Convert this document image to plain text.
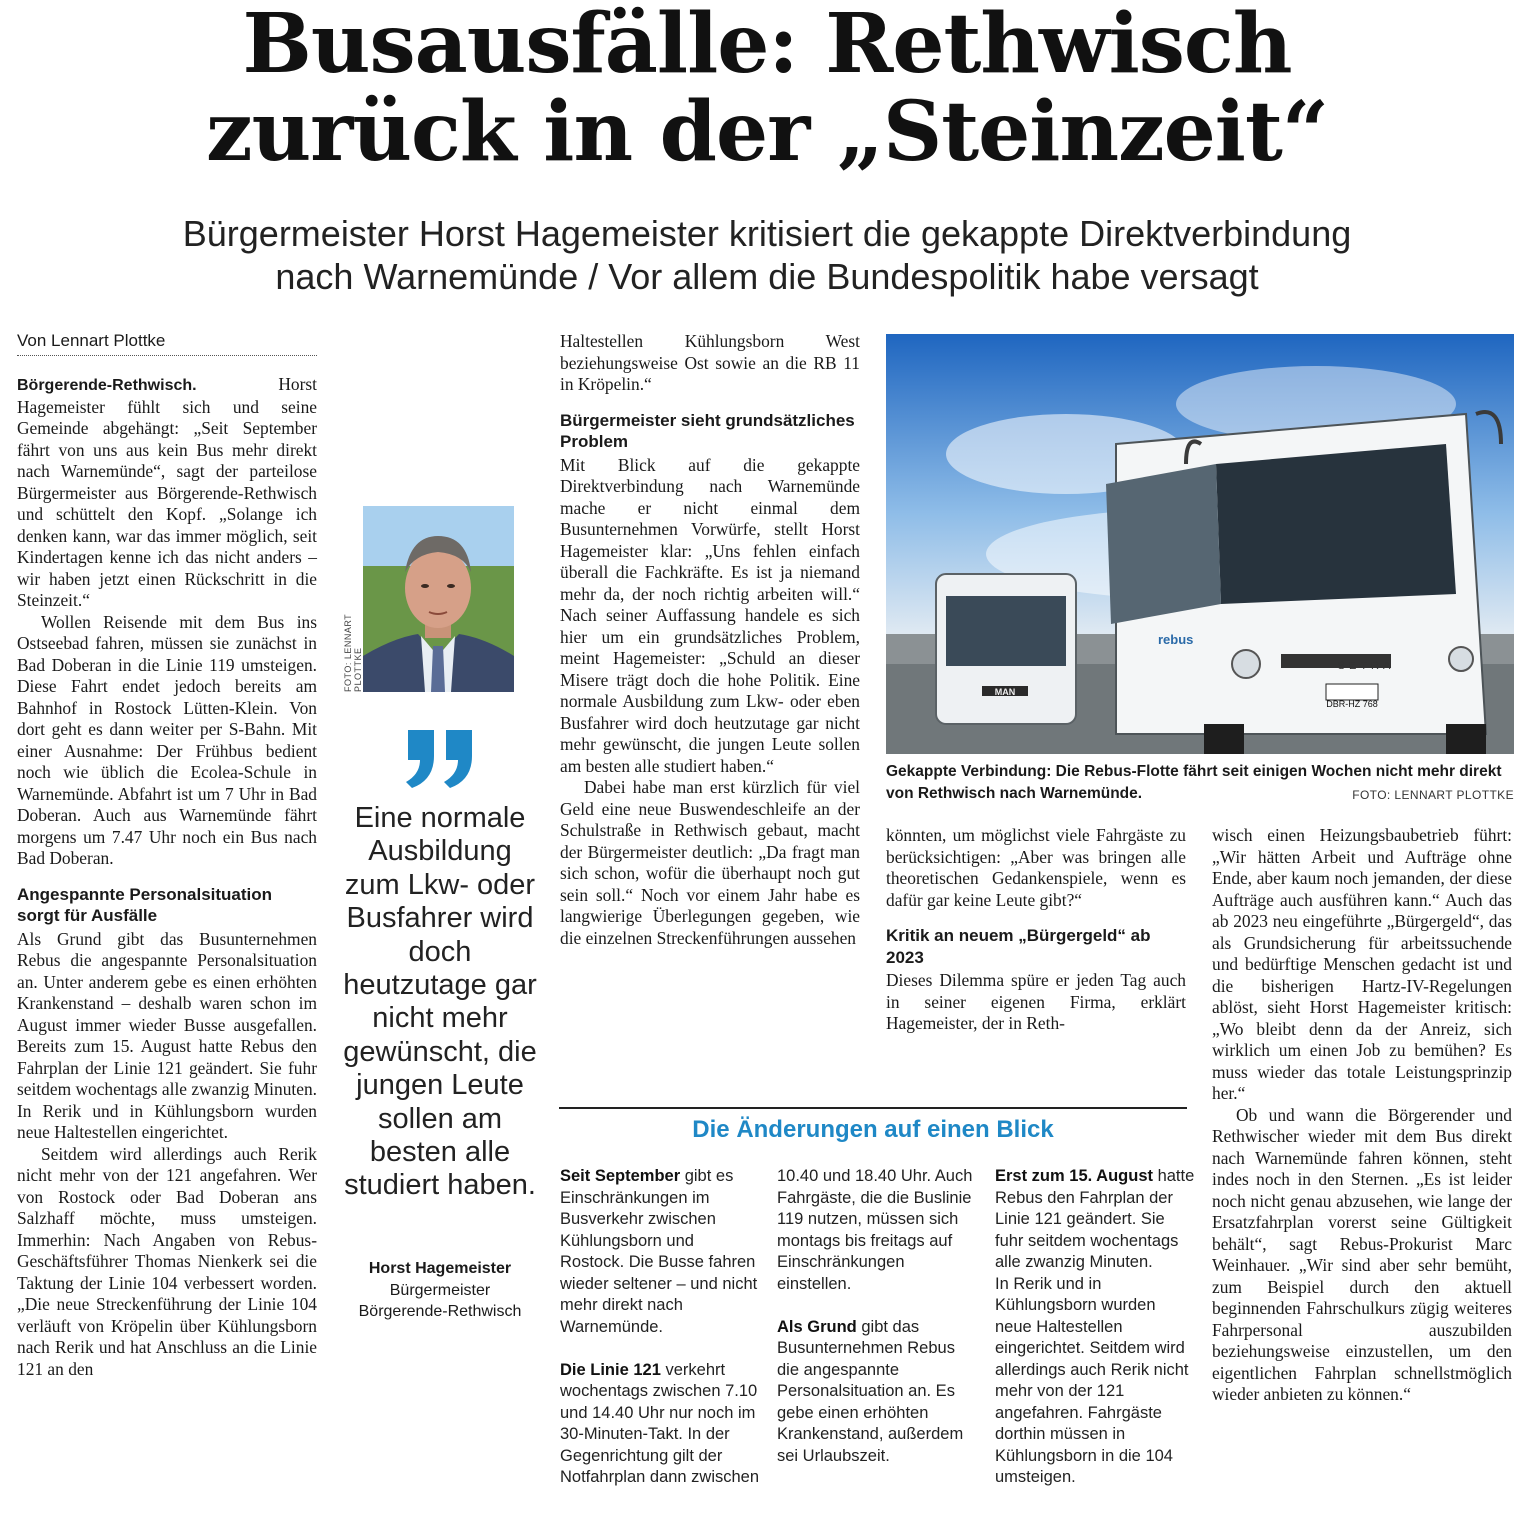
Busausfälle: Rethwisch
zurück in der „Steinzeit“
Bürgermeister Horst Hagemeister kritisiert die gekappte Direktverbindung
nach Warnemünde / Vor allem die Bundespolitik habe versagt
Von Lennart Plottke

Börgerende-Rethwisch. Horst Hagemeister fühlt sich und seine Gemeinde abgehängt: „Seit September fährt von uns aus kein Bus mehr direkt nach Warnemünde“, sagt der parteilose Bürgermeister aus Börgerende-Rethwisch und schüttelt den Kopf. „Solange ich denken kann, war das immer möglich, seit Kindertagen kenne ich das nicht anders – wir haben jetzt einen Rückschritt in die Steinzeit.“

Wollen Reisende mit dem Bus ins Ostseebad fahren, müssen sie zunächst in Bad Doberan in die Linie 119 umsteigen. Diese Fahrt endet jedoch bereits am Bahnhof in Rostock Lütten-Klein. Von dort geht es dann weiter per S-Bahn. Mit einer Ausnahme: Der Frühbus bedient noch wie üblich die Ecolea-Schule in Warnemünde. Abfahrt ist um 7 Uhr in Bad Doberan. Auch aus Warnemünde fährt morgens um 7.47 Uhr noch ein Bus nach Bad Doberan.

Angespannte Personalsituation sorgt für Ausfälle

Als Grund gibt das Busunternehmen Rebus die angespannte Personalsituation an. Unter anderem gebe es einen erhöhten Krankenstand – deshalb waren schon im August immer wieder Busse ausgefallen. Bereits zum 15. August hatte Rebus den Fahrplan der Linie 121 geändert. Sie fuhr seitdem wochentags alle zwanzig Minuten. In Rerik und in Kühlungsborn wurden neue Haltestellen eingerichtet.

Seitdem wird allerdings auch Rerik nicht mehr von der 121 angefahren. Wer von Rostock oder Bad Doberan ans Salzhaff möchte, muss umsteigen. Immerhin: Nach Angaben von Rebus-Geschäftsführer Thomas Nienkerk sei die Taktung der Linie 104 verbessert worden. „Die neue Streckenführung der Linie 104 verläuft von Kröpelin über Kühlungsborn nach Rerik und hat Anschluss an die Linie 121 an den

FOTO: LENNART PLOTTKE
Eine normale Ausbildung zum Lkw- oder Busfahrer wird doch heutzutage gar nicht mehr gewünscht, die jungen Leute sollen am besten alle studiert haben.
Horst Hagemeister
Bürgermeister
Börgerende-Rethwisch

Haltestellen Kühlungsborn West beziehungsweise Ost sowie an die RB 11 in Kröpelin.“

Bürgermeister sieht grundsätzliches Problem

Mit Blick auf die gekappte Direktverbindung nach Warnemünde mache er nicht einmal dem Busunternehmen Vorwürfe, stellt Horst Hagemeister klar: „Uns fehlen einfach überall die Fachkräfte. Es ist ja niemand mehr da, der noch richtig arbeiten will.“ Nach seiner Auffassung handele es sich hier um ein grundsätzliches Problem, meint Hagemeister: „Schuld an dieser Misere trägt doch die hohe Politik. Eine normale Ausbildung zum Lkw- oder eben Busfahrer wird doch heutzutage gar nicht mehr gewünscht, die jungen Leute sollen am besten alle studiert haben.“

Dabei habe man erst kürzlich für viel Geld eine neue Buswendeschleife an der Schulstraße in Rethwisch gebaut, macht der Bürgermeister deutlich: „Da fragt man sich schon, wofür die überhaupt noch gut sein soll.“ Noch vor einem Jahr habe es langwierige Überlegungen gegeben, wie die einzelnen Streckenführungen aussehen

rebus
SETRA
DBR-HZ 768
MAN
Gekappte Verbindung: Die Rebus-Flotte fährt seit einigen Wochen nicht mehr direkt von Rethwisch nach Warnemünde.	FOTO: LENNART PLOTTKE

könnten, um möglichst viele Fahrgäste zu berücksichtigen: „Aber was bringen alle theoretischen Gedankenspiele, wenn es dafür gar keine Leute gibt?“

Kritik an neuem „Bürgergeld“ ab 2023

Dieses Dilemma spüre er jeden Tag auch in seiner eigenen Firma, erklärt Hagemeister, der in Reth-

wisch einen Heizungsbaubetrieb führt: „Wir hätten Arbeit und Aufträge ohne Ende, aber kaum noch jemanden, der diese Aufträge auch ausführen kann.“ Auch das ab 2023 neu eingeführte „Bürgergeld“, das als Grundsicherung für arbeitssuchende und bedürftige Menschen gedacht ist und die bisherigen Hartz-IV-Regelungen ablöst, sieht Horst Hagemeister kritisch: „Wo bleibt denn da der Anreiz, sich wirklich um einen Job zu bemühen? Es muss wieder das totale Leistungsprinzip her.“

Ob und wann die Börgerender und Rethwischer wieder mit dem Bus direkt nach Warnemünde fahren können, steht indes noch in den Sternen. „Es ist leider noch nicht genau abzusehen, wie lange der Ersatzfahrplan vorerst seine Gültigkeit behält“, sagt Rebus-Prokurist Marc Weinhauer. „Wir sind aber sehr bemüht, zum Beispiel durch den aktuell beginnenden Fahrschulkurs zügig weiteres Fahrpersonal auszubilden beziehungsweise einzustellen, um den eigentlichen Fahrplan schnellstmöglich wieder anbieten zu können.“

Die Änderungen auf einen Blick

Seit September gibt es Einschränkungen im Busverkehr zwischen Kühlungsborn und Rostock. Die Busse fahren wieder seltener – und nicht mehr direkt nach Warnemünde.

Die Linie 121 verkehrt wochentags zwischen 7.10 und 14.40 Uhr nur noch im 30-Minuten-Takt. In der Gegenrichtung gilt der Notfahrplan dann zwischen

10.40 und 18.40 Uhr. Auch Fahrgäste, die die Buslinie 119 nutzen, müssen sich montags bis freitags auf Einschränkungen einstellen.

Als Grund gibt das Busunternehmen Rebus die angespannte Personalsituation an. Es gebe einen erhöhten Krankenstand, außerdem sei Urlaubszeit.

Erst zum 15. August hatte Rebus den Fahrplan der Linie 121 geändert. Sie fuhr seitdem wochentags alle zwanzig Minuten.

In Rerik und in Kühlungsborn wurden neue Haltestellen eingerichtet. Seitdem wird allerdings auch Rerik nicht mehr von der 121 angefahren. Fahrgäste dorthin müssen in Kühlungsborn in die 104 umsteigen.
